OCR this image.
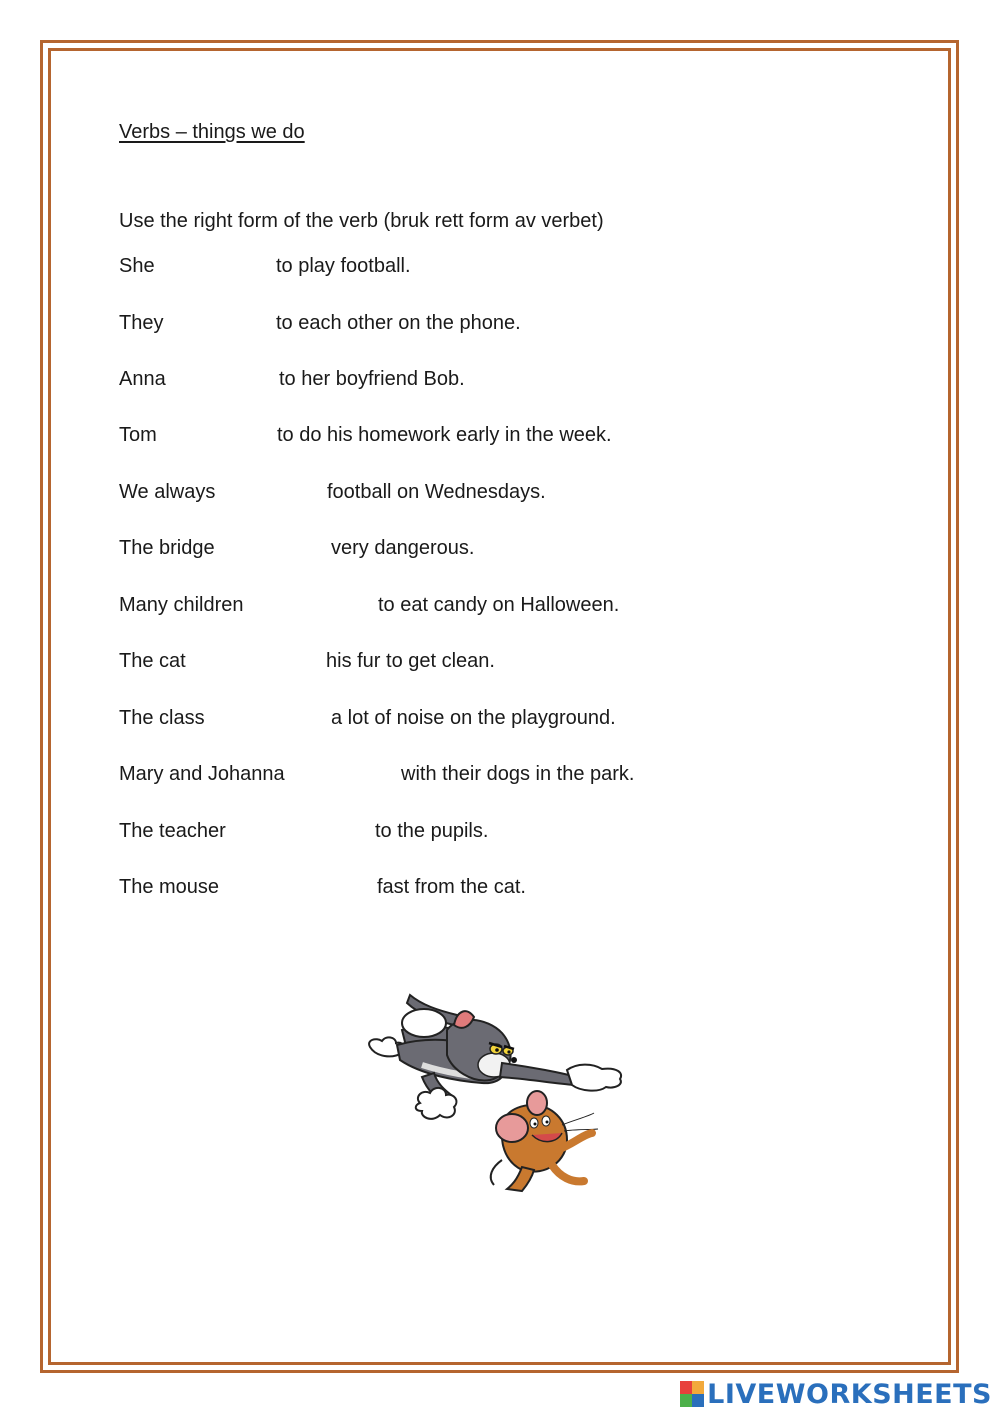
Verbs – things we do
Use the right form of the verb (bruk rett form av verbet)
She	to play football.
They	to each other on the phone.
Anna	to her boyfriend Bob.
Tom	to do his homework early in the week.
We always	football on Wednesdays.
The bridge	very dangerous.
Many children	to eat candy on Halloween.
The cat	his fur to get clean.
The class	a lot of noise on the playground.
Mary and Johanna	with their dogs in the park.
The teacher	to the pupils.
The mouse	fast from the cat.
LIVEWORKSHEETS
